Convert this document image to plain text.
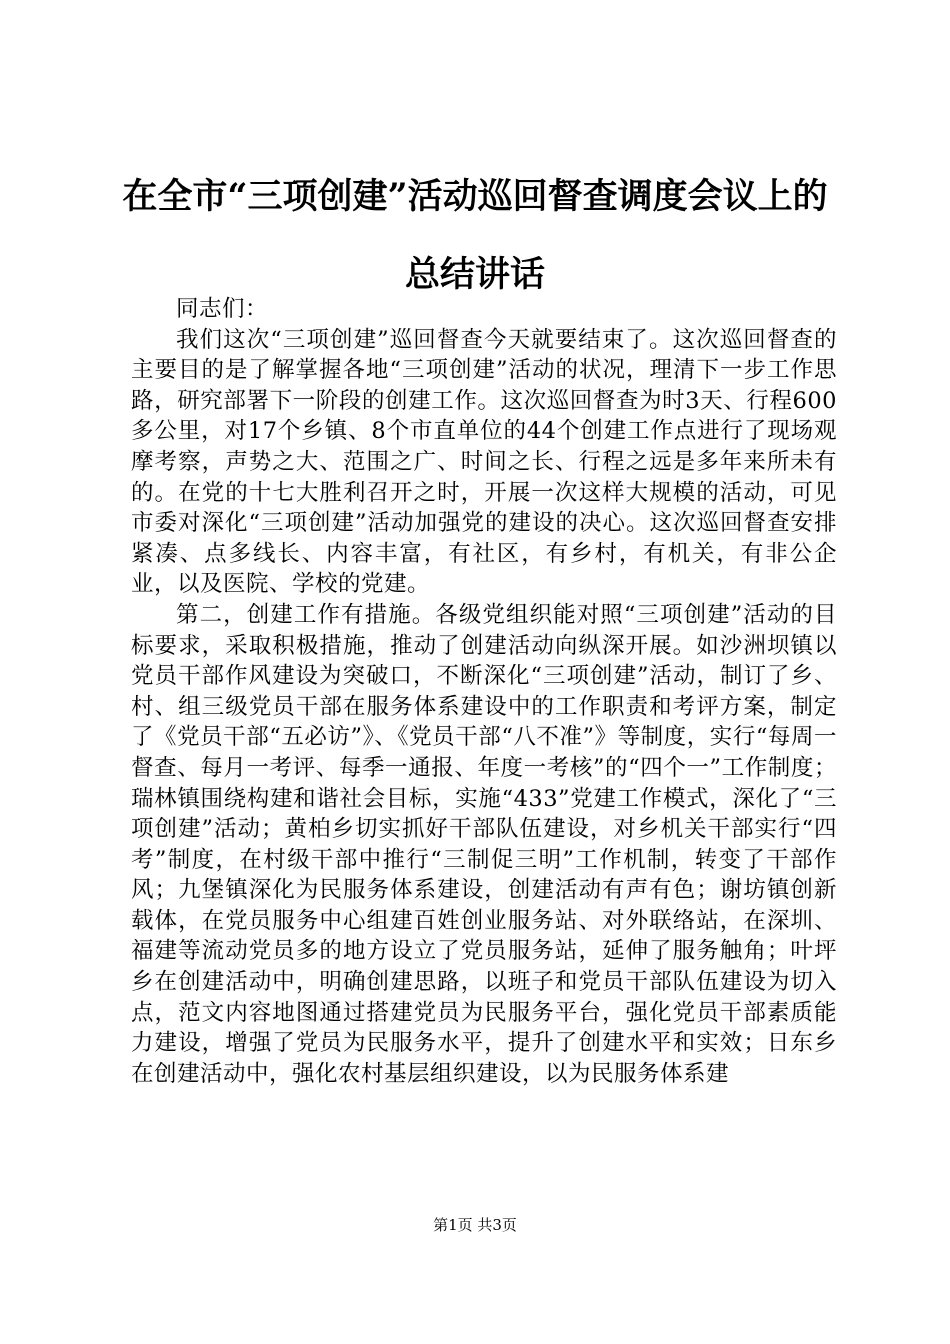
在全市“三项创建”活动巡回督查调度会议上的总结讲话

同志们：

我们这次“三项创建”巡回督查今天就要结束了。这次巡回督查的主要目的是了解掌握各地“三项创建”活动的状况，理清下一步工作思路，研究部署下一阶段的创建工作。这次巡回督查为时3天、行程600多公里，对17个乡镇、8个市直单位的44个创建工作点进行了现场观摩考察，声势之大、范围之广、时间之长、行程之远是多年来所未有的。在党的十七大胜利召开之时，开展一次这样大规模的活动，可见市委对深化“三项创建”活动加强党的建设的决心。这次巡回督查安排紧凑、点多线长、内容丰富，有社区，有乡村，有机关，有非公企业，以及医院、学校的党建。

第二，创建工作有措施。各级党组织能对照“三项创建”活动的目标要求，采取积极措施，推动了创建活动向纵深开展。如沙洲坝镇以党员干部作风建设为突破口，不断深化“三项创建”活动，制订了乡、村、组三级党员干部在服务体系建设中的工作职责和考评方案，制定了《党员干部“五必访”》、《党员干部“八不准”》等制度，实行“每周一督查、每月一考评、每季一通报、年度一考核”的“四个一”工作制度；瑞林镇围绕构建和谐社会目标，实施“433”党建工作模式，深化了“三项创建”活动；黄柏乡切实抓好干部队伍建设，对乡机关干部实行“四考”制度，在村级干部中推行“三制促三明”工作机制，转变了干部作风；九堡镇深化为民服务体系建设，创建活动有声有色；谢坊镇创新载体，在党员服务中心组建百姓创业服务站、对外联络站，在深圳、福建等流动党员多的地方设立了党员服务站，延伸了服务触角；叶坪乡在创建活动中，明确创建思路，以班子和党员干部队伍建设为切入点，范文内容地图通过搭建党员为民服务平台，强化党员干部素质能力建设，增强了党员为民服务水平，提升了创建水平和实效；日东乡在创建活动中，强化农村基层组织建设，以为民服务体系建

第1页 共3页
